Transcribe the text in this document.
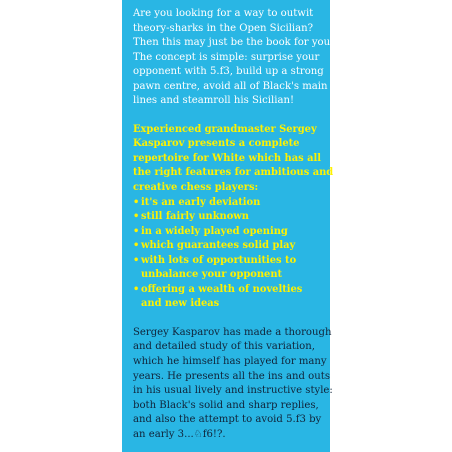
Are you looking for a way to outwit
theory-sharks in the Open Sicilian?
Then this may just be the book for you.
The concept is simple: surprise your
opponent with 5.f3, build up a strong
pawn centre, avoid all of Black's main
lines and steamroll his Sicilian!

Experienced grandmaster Sergey
Kasparov presents a complete
repertoire for White which has all
the right features for ambitious and
creative chess players:

• it's an early deviation
• still fairly unknown
• in a widely played opening
• which guarantees solid play
• with lots of opportunities to
unbalance your opponent
• offering a wealth of novelties
and new ideas

Sergey Kasparov has made a thorough
and detailed study of this variation,
which he himself has played for many
years. He presents all the ins and outs
in his usual lively and instructive style:
both Black's solid and sharp replies,
and also the attempt to avoid 5.f3 by
an early 3...♘f6!?.
